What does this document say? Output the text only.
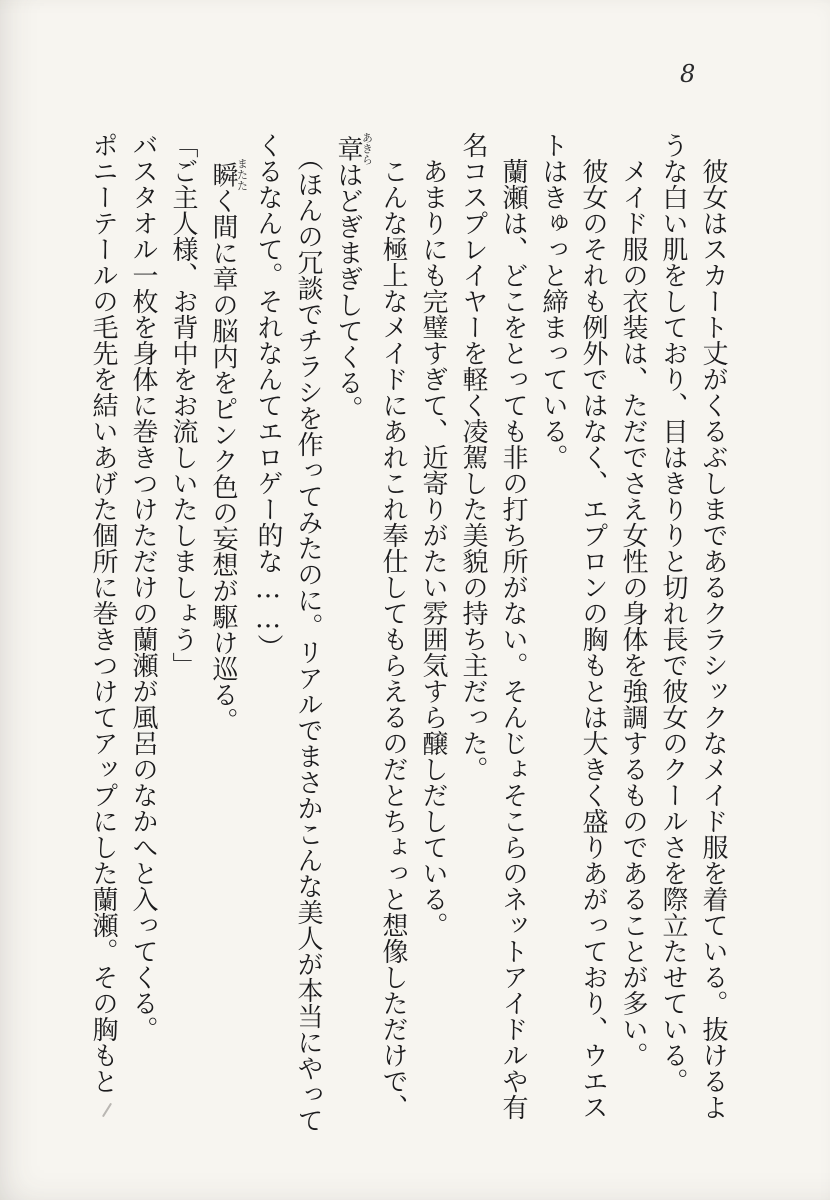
8

彼女はスカート丈がくるぶしまであるクラシックなメイド服を着ている。抜けるよ

うな白い肌をしており、目はきりりと切れ長で彼女のクールさを際立たせている。

メイド服の衣装は、ただでさえ女性の身体を強調するものであることが多い。

彼女のそれも例外ではなく、エプロンの胸もとは大きく盛りあがっており、ウエス

トはきゅっと締まっている。

蘭瀬は、どこをとっても非の打ち所がない。そんじょそこらのネットアイドルや有

名コスプレイヤーを軽く凌駕した美貌の持ち主だった。

あまりにも完璧すぎて、近寄りがたい雰囲気すら醸しだしている。

こんな極上なメイドにあれこれ奉仕してもらえるのだとちょっと想像しただけで、

章あきらはどぎまぎしてくる。

（ほんの冗談でチラシを作ってみたのに。リアルでまさかこんな美人が本当にやって

くるなんて。それなんてエロゲー的な……）

瞬またたく間に章の脳内をピンク色の妄想が駆け巡る。

「ご主人様、お背中をお流しいたしましょう」

バスタオル一枚を身体に巻きつけただけの蘭瀬が風呂のなかへと入ってくる。

ポニーテールの毛先を結いあげた個所に巻きつけてアップにした蘭瀬。その胸もと
